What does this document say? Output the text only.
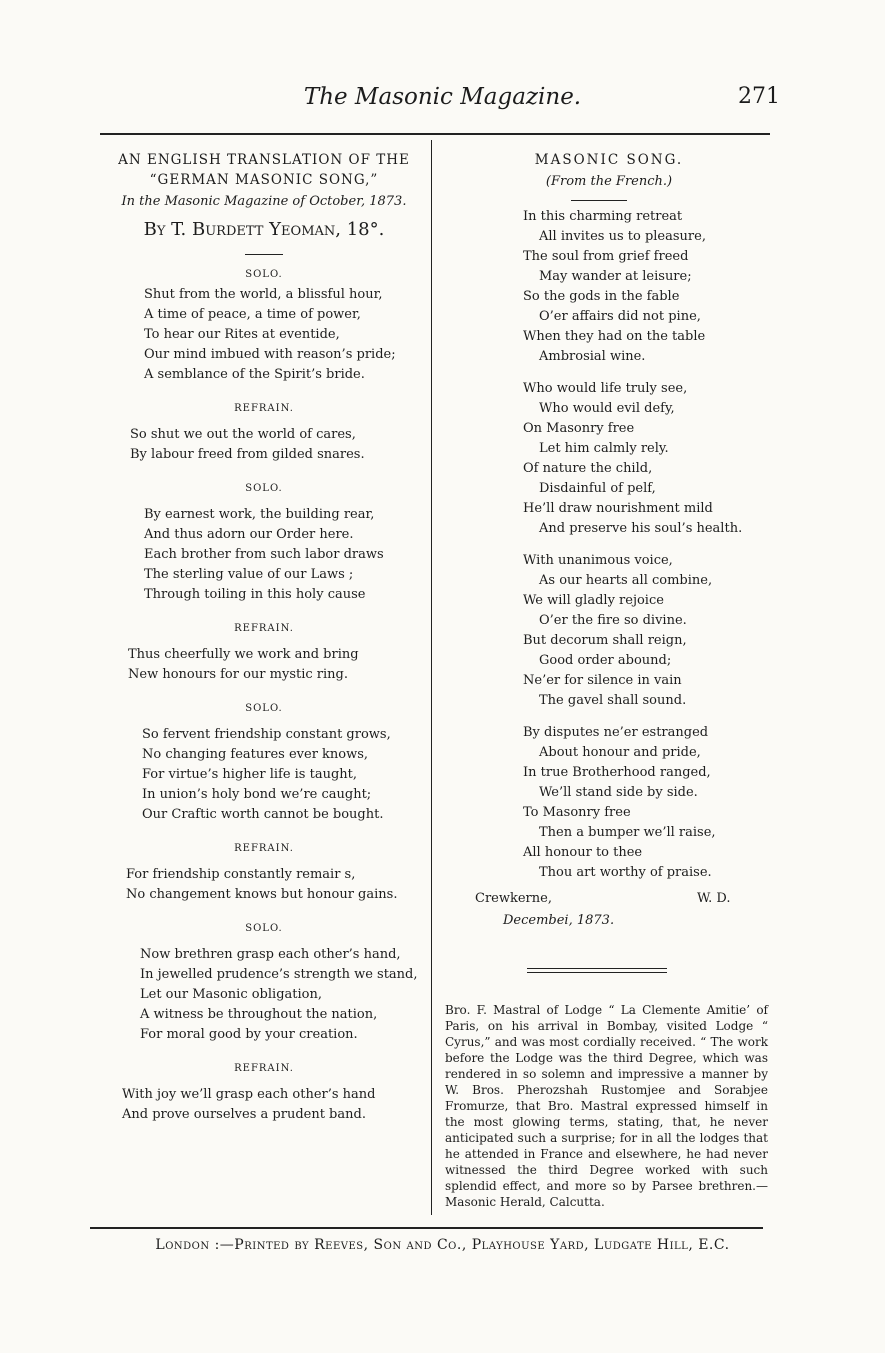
The Masonic Magazine.	271
AN ENGLISH TRANSLATION OF THE
“GERMAN MASONIC SONG,”
In the Masonic Magazine of October, 1873.
By T. Burdett Yeoman, 18°.
SOLO.
Shut from the world, a blissful hour,
A time of peace, a time of power,
To hear our Rites at eventide,
Our mind imbued with reason’s pride;
A semblance of the Spirit’s bride.
REFRAIN.
So shut we out the world of cares,
By labour freed from gilded snares.
SOLO.
By earnest work, the building rear,
And thus adorn our Order here.
Each brother from such labor draws
The sterling value of our Laws ;
Through toiling in this holy cause
REFRAIN.
Thus cheerfully we work and bring
New honours for our mystic ring.
SOLO.
So fervent friendship constant grows,
No changing features ever knows,
For virtue’s higher life is taught,
In union’s holy bond we’re caught;
Our Craftic worth cannot be bought.
REFRAIN.
For friendship constantly remair s,
No changement knows but honour gains.
SOLO.
Now brethren grasp each other’s hand,
In jewelled prudence’s strength we stand,
Let our Masonic obligation,
A witness be throughout the nation,
For moral good by your creation.
REFRAIN.
With joy we’ll grasp each other’s hand
And prove ourselves a prudent band.
MASONIC SONG.
(From the French.)
In this charming retreat
All invites us to pleasure,
The soul from grief freed
May wander at leisure;
So the gods in the fable
O’er affairs did not pine,
When they had on the table
Ambrosial wine.
Who would life truly see,
Who would evil defy,
On Masonry free
Let him calmly rely.
Of nature the child,
Disdainful of pelf,
He’ll draw nourishment mild
And preserve his soul’s health.
With unanimous voice,
As our hearts all combine,
We will gladly rejoice
O’er the fire so divine.
But decorum shall reign,
Good order abound;
Ne’er for silence in vain
The gavel shall sound.
By disputes ne’er estranged
About honour and pride,
In true Brotherhood ranged,
We’ll stand side by side.
To Masonry free
Then a bumper we’ll raise,
All honour to thee
Thou art worthy of praise.
Crewkerne,	W. D.
Decembei, 1873.
Bro. F. Mastral of Lodge “ La Clemente Amitie’ of Paris, on his arrival in Bombay, visited Lodge “ Cyrus,” and was most cordially received. “ The work before the Lodge was the third Degree, which was rendered in so solemn and impressive a manner by W. Bros. Pherozshah Rustomjee and Sorabjee Fromurze, that Bro. Mastral expressed himself in the most glowing terms, stating, that, he never anticipated such a surprise; for in all the lodges that he attended in France and elsewhere, he had never witnessed the third Degree worked with such splendid effect, and more so by Parsee brethren.—Masonic Herald, Calcutta.
London :—Printed by Reeves, Son and Co., Playhouse Yard, Ludgate Hill, E.C.
